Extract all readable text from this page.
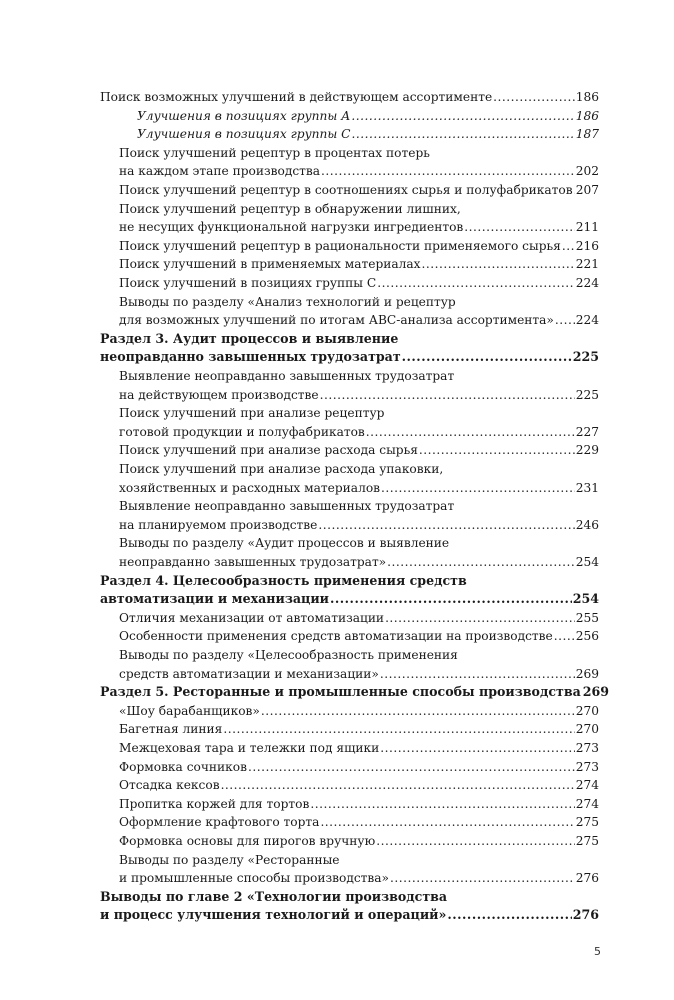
Поиск возможных улучшений в действующем ассортименте .....	186
Улучшения в позициях группы А .....	186
Улучшения в позициях группы С .....	187
Поиск улучшений рецептур в процентах потерь
на каждом этапе производства .....	202
Поиск улучшений рецептур в соотношениях сырья и полуфабрикатов ..... 207
Поиск улучшений рецептур в обнаружении лишних,
не несущих функциональной нагрузки ингредиентов .....	211
Поиск улучшений рецептур в рациональности применяемого сырья ..... 216
Поиск улучшений в применяемых материалах .....	221
Поиск улучшений в позициях группы С .....	224
Выводы по разделу «Анализ технологий и рецептур
для возможных улучшений по итогам АВС-анализа ассортимента» ..... 224
Раздел 3. Аудит процессов и выявление
неоправданно завышенных трудозатрат .....	225
Выявление неоправданно завышенных трудозатрат
на действующем производстве .....	225
Поиск улучшений при анализе рецептур
готовой продукции и полуфабрикатов .....	227
Поиск улучшений при анализе расхода сырья .....	229
Поиск улучшений при анализе расхода упаковки,
хозяйственных и расходных материалов .....	231
Выявление неоправданно завышенных трудозатрат
на планируемом производстве .....	246
Выводы по разделу «Аудит процессов и выявление
неоправданно завышенных трудозатрат» .....	254
Раздел 4. Целесообразность применения средств
автоматизации и механизации .....	254
Отличия механизации от автоматизации .....	255
Особенности применения средств автоматизации на производстве ..... 256
Выводы по разделу «Целесообразность применения
средств автоматизации и механизации» .....	269
Раздел 5. Ресторанные и промышленные способы производства 269
«Шоу барабанщиков» .....	270
Багетная линия .....	270
Межцеховая тара и тележки под ящики .....	273
Формовка сочников .....	273
Отсадка кексов .....	274
Пропитка коржей для тортов .....	274
Оформление крафтового торта .....	275
Формовка основы для пирогов вручную .....	275
Выводы по разделу «Ресторанные
и промышленные способы производства» .....	276
Выводы по главе 2 «Технологии производства
и процесс улучшения технологий и операций» .....	276
5
